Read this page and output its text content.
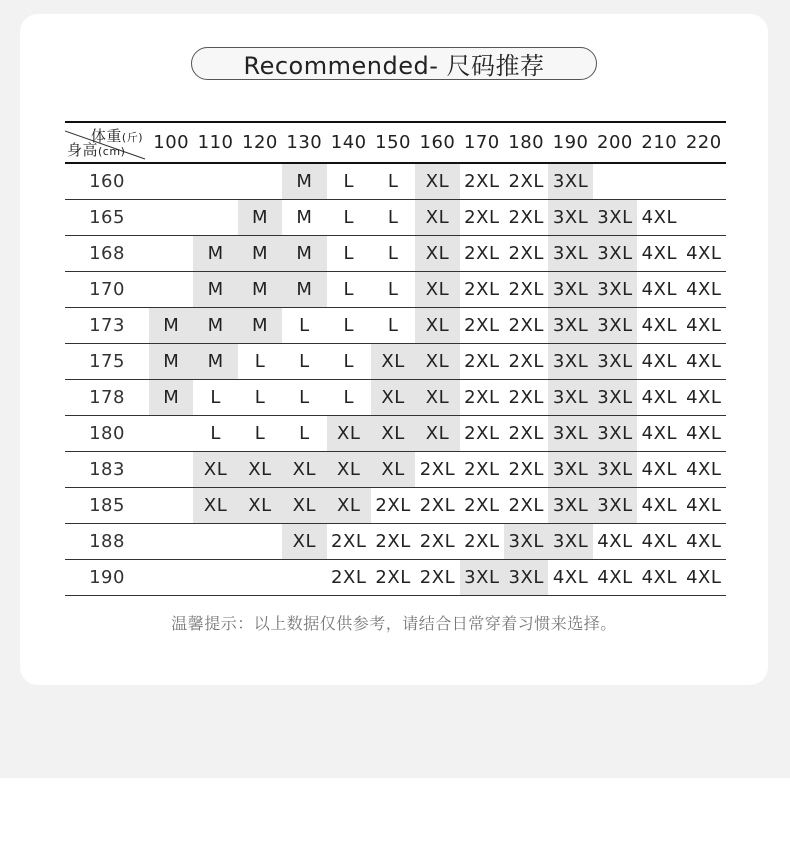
Recommended- 尺码推荐
体重(斤)
身高(cm)	100	110	120	130	140	150	160	170	180	190	200	210	220
160				M	L	L	XL	2XL	2XL	3XL			
165			M	M	L	L	XL	2XL	2XL	3XL	3XL	4XL	
168		M	M	M	L	L	XL	2XL	2XL	3XL	3XL	4XL	4XL
170		M	M	M	L	L	XL	2XL	2XL	3XL	3XL	4XL	4XL
173	M	M	M	L	L	L	XL	2XL	2XL	3XL	3XL	4XL	4XL
175	M	M	L	L	L	XL	XL	2XL	2XL	3XL	3XL	4XL	4XL
178	M	L	L	L	L	XL	XL	2XL	2XL	3XL	3XL	4XL	4XL
180		L	L	L	XL	XL	XL	2XL	2XL	3XL	3XL	4XL	4XL
183		XL	XL	XL	XL	XL	2XL	2XL	2XL	3XL	3XL	4XL	4XL
185		XL	XL	XL	XL	2XL	2XL	2XL	2XL	3XL	3XL	4XL	4XL
188				XL	2XL	2XL	2XL	2XL	3XL	3XL	4XL	4XL	4XL
190					2XL	2XL	2XL	3XL	3XL	4XL	4XL	4XL	4XL
温馨提示：以上数据仅供参考，请结合日常穿着习惯来选择。
